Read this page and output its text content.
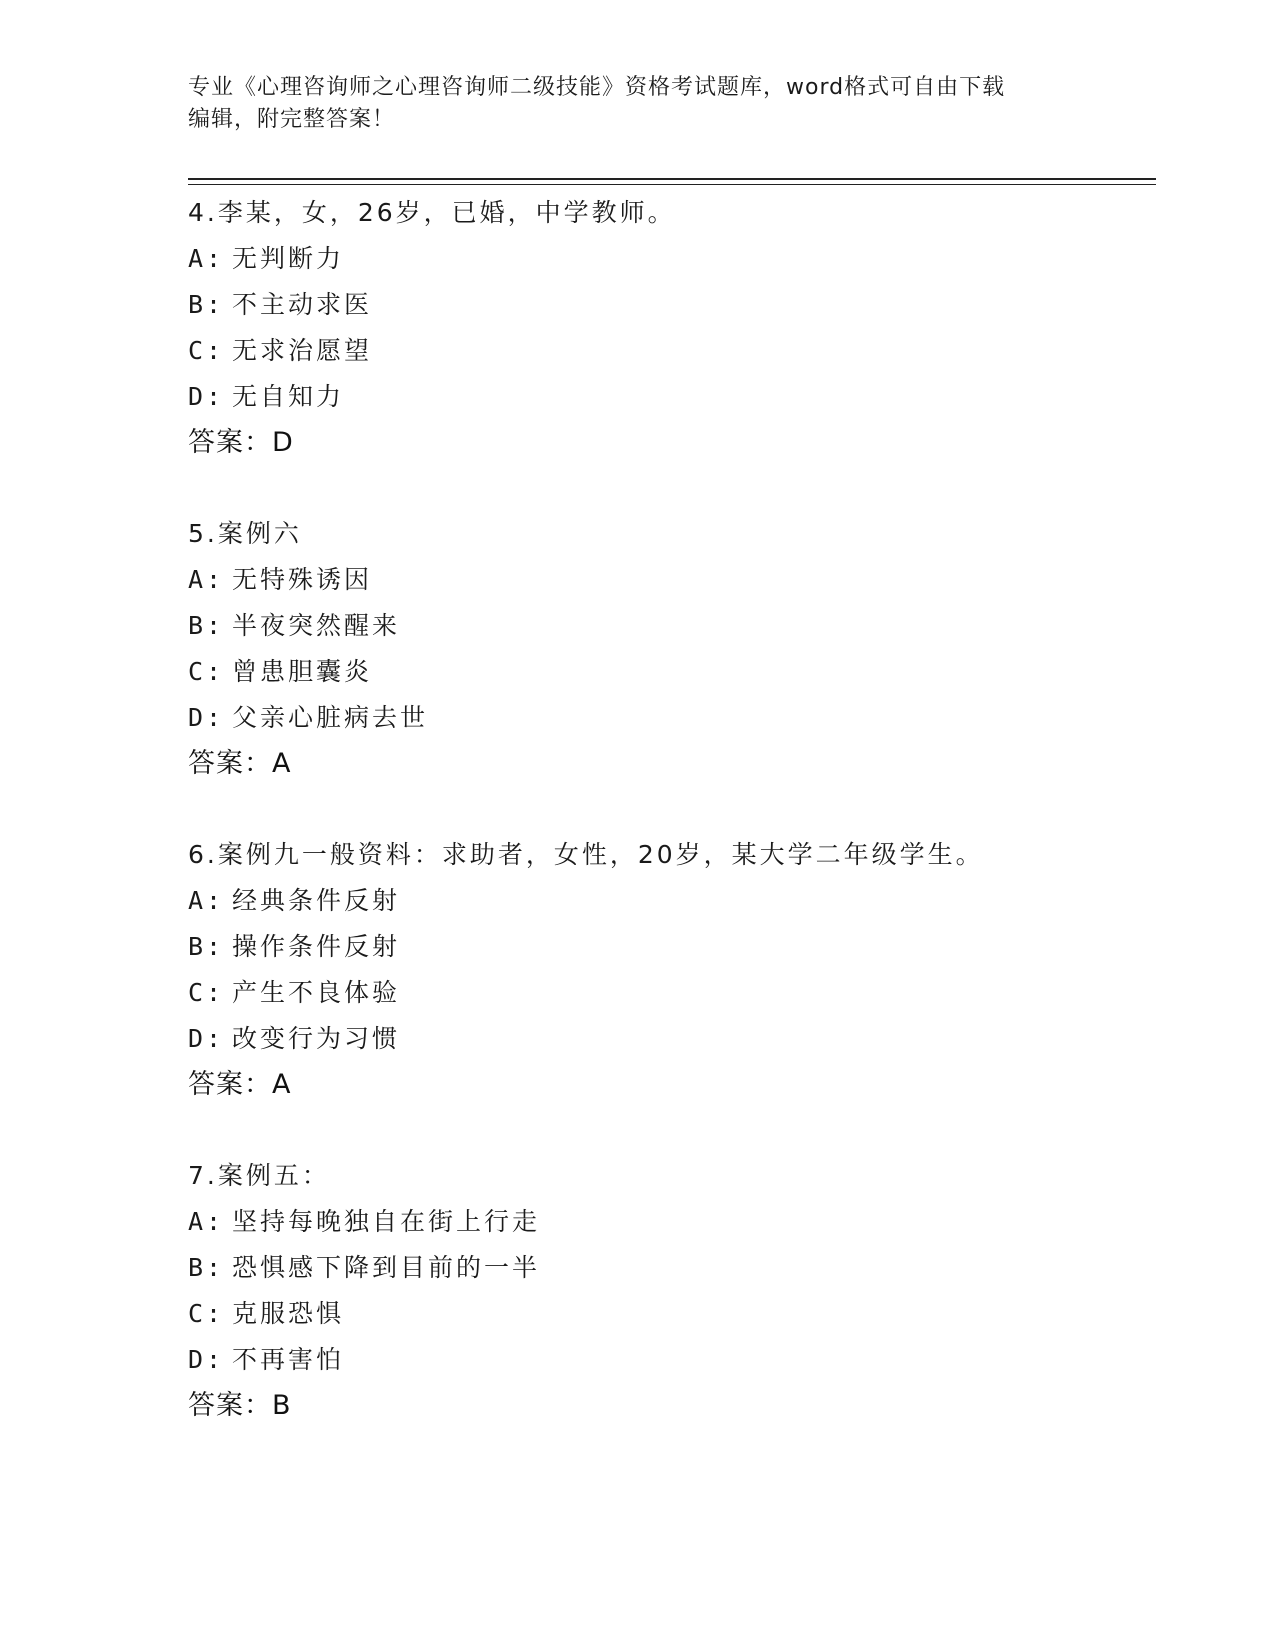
专业《心理咨询师之心理咨询师二级技能》资格考试题库，word格式可自由下载
编辑，附完整答案！
4.李某，女，26岁，已婚，中学教师。
A: 无判断力
B: 不主动求医
C: 无求治愿望
D: 无自知力
答案：D
5.案例六
A: 无特殊诱因
B: 半夜突然醒来
C: 曾患胆囊炎
D: 父亲心脏病去世
答案：A
6.案例九一般资料：求助者，女性，20岁，某大学二年级学生。
A: 经典条件反射
B: 操作条件反射
C: 产生不良体验
D: 改变行为习惯
答案：A
7.案例五：
A: 坚持每晚独自在街上行走
B: 恐惧感下降到目前的一半
C: 克服恐惧
D: 不再害怕
答案：B
